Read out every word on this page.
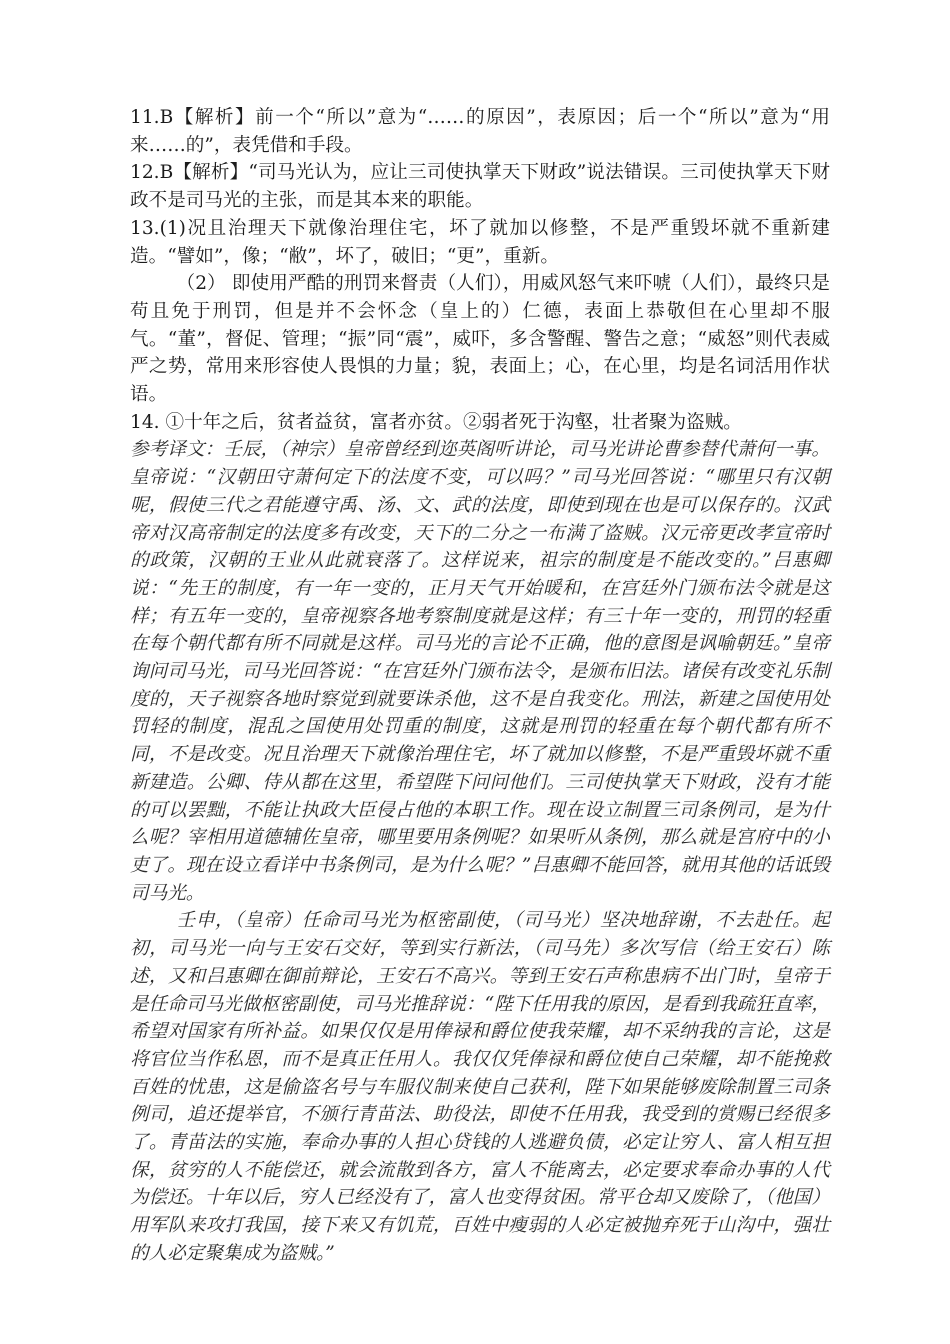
11.B【解析】前一个“所以”意为“……的原因”，表原因；后一个“所以”意为“用来……的”，表凭借和手段。

12.B【解析】“司马光认为，应让三司使执掌天下财政”说法错误。三司使执掌天下财政不是司马光的主张，而是其本来的职能。

13.(1)况且治理天下就像治理住宅，坏了就加以修整，不是严重毁坏就不重新建造。“譬如”，像；“敝”，坏了，破旧；“更”，重新。

（2） 即使用严酷的刑罚来督责（人们），用威风怒气来吓唬（人们），最终只是苟且免于刑罚，但是并不会怀念（皇上的）仁德，表面上恭敬但在心里却不服气。“董”，督促、管理；“振”同“震”，威吓，多含警醒、警告之意；“威怒”则代表威严之势，常用来形容使人畏惧的力量；貌，表面上；心，在心里，均是名词活用作状语。

14. ①十年之后，贫者益贫，富者亦贫。②弱者死于沟壑，壮者聚为盗贼。

参考译文：壬辰，（神宗）皇帝曾经到迩英阁听讲论，司马光讲论曹参替代萧何一事。皇帝说：“汉朝田守萧何定下的法度不变，可以吗？”司马光回答说：“哪里只有汉朝呢，假使三代之君能遵守禹、汤、文、武的法度，即使到现在也是可以保存的。汉武帝对汉高帝制定的法度多有改变，天下的二分之一布满了盗贼。汉元帝更改孝宣帝时的政策，汉朝的王业从此就衰落了。这样说来，祖宗的制度是不能改变的。”吕惠卿说：“先王的制度，有一年一变的，正月天气开始暖和，在宫廷外门颁布法令就是这样；有五年一变的，皇帝视察各地考察制度就是这样；有三十年一变的，刑罚的轻重在每个朝代都有所不同就是这样。司马光的言论不正确，他的意图是讽喻朝廷。”皇帝询问司马光，司马光回答说：“在宫廷外门颁布法令，是颁布旧法。诸侯有改变礼乐制度的，天子视察各地时察觉到就要诛杀他，这不是自我变化。刑法，新建之国使用处罚轻的制度，混乱之国使用处罚重的制度，这就是刑罚的轻重在每个朝代都有所不同，不是改变。况且治理天下就像治理住宅，坏了就加以修整，不是严重毁坏就不重新建造。公卿、侍从都在这里，希望陛下问问他们。三司使执掌天下财政，没有才能的可以罢黜，不能让执政大臣侵占他的本职工作。现在设立制置三司条例司，是为什么呢？宰相用道德辅佐皇帝，哪里要用条例呢？如果听从条例，那么就是宫府中的小吏了。现在设立看详中书条例司，是为什么呢？”吕惠卿不能回答，就用其他的话诋毁司马光。

壬申，（皇帝）任命司马光为枢密副使，（司马光）坚决地辞谢，不去赴任。起初，司马光一向与王安石交好，等到实行新法，（司马先）多次写信（给王安石）陈述，又和吕惠卿在御前辩论，王安石不高兴。等到王安石声称患病不出门时，皇帝于是任命司马光做枢密副使，司马光推辞说：“陛下任用我的原因，是看到我疏狂直率，希望对国家有所补益。如果仅仅是用俸禄和爵位使我荣耀，却不采纳我的言论，这是将官位当作私恩，而不是真正任用人。我仅仅凭俸禄和爵位使自己荣耀，却不能挽救百姓的忧患，这是偷盗名号与车服仪制来使自己获利，陛下如果能够废除制置三司条例司，追还提举官，不颁行青苗法、助役法，即使不任用我，我受到的赏赐已经很多了。青苗法的实施，奉命办事的人担心贷钱的人逃避负债，必定让穷人、富人相互担保，贫穷的人不能偿还，就会流散到各方，富人不能离去，必定要求奉命办事的人代为偿还。十年以后，穷人已经没有了，富人也变得贫困。常平仓却又废除了，（他国）用军队来攻打我国，接下来又有饥荒，百姓中瘦弱的人必定被抛弃死于山沟中，强壮的人必定聚集成为盗贼。”
